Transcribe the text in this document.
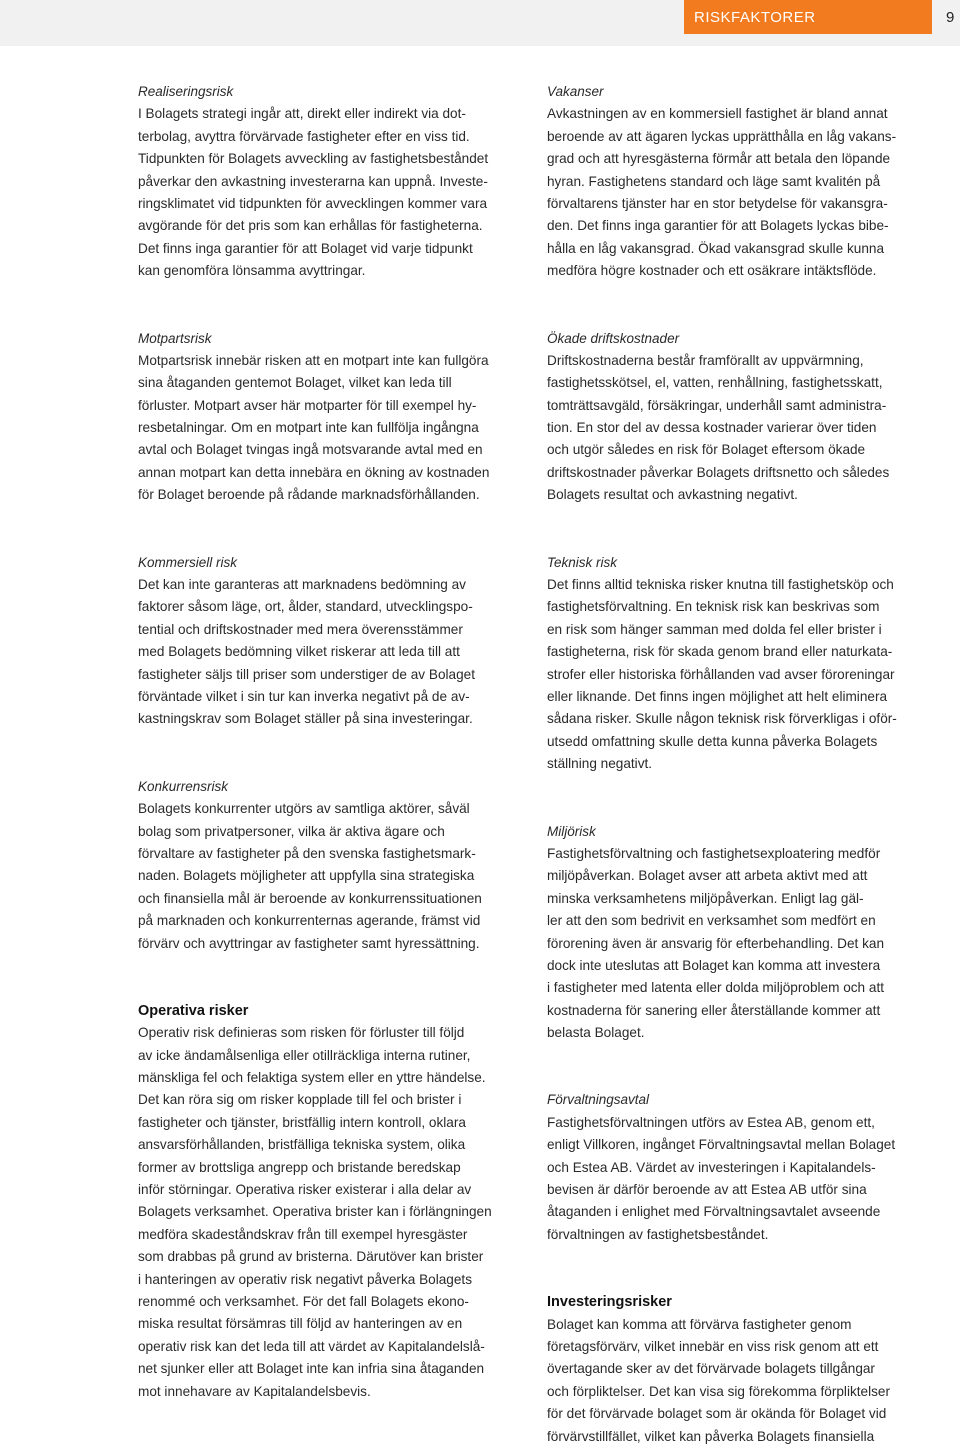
RISKFAKTORER	9
Realiseringsrisk
I Bolagets strategi ingår att, direkt eller indirekt via dot-
terbolag, avyttra förvärvade fastigheter efter en viss tid.
Tidpunkten för Bolagets avveckling av fastighetsbeståndet
påverkar den avkastning investerarna kan uppnå. Investe-
ringsklimatet vid tidpunkten för avvecklingen kommer vara
avgörande för det pris som kan erhållas för fastigheterna.
Det finns inga garantier för att Bolaget vid varje tidpunkt
kan genomföra lönsamma avyttringar.
Motpartsrisk
Motpartsrisk innebär risken att en motpart inte kan fullgöra
sina åtaganden gentemot Bolaget, vilket kan leda till
förluster. Motpart avser här motparter för till exempel hy-
resbetalningar. Om en motpart inte kan fullfölja ingångna
avtal och Bolaget tvingas ingå motsvarande avtal med en
annan motpart kan detta innebära en ökning av kostnaden
för Bolaget beroende på rådande marknadsförhållanden.
Kommersiell risk
Det kan inte garanteras att marknadens bedömning av
faktorer såsom läge, ort, ålder, standard, utvecklingspo-
tential och driftskostnader med mera överensstämmer
med Bolagets bedömning vilket riskerar att leda till att
fastigheter säljs till priser som understiger de av Bolaget
förväntade vilket i sin tur kan inverka negativt på de av-
kastningskrav som Bolaget ställer på sina investeringar.
Konkurrensrisk
Bolagets konkurrenter utgörs av samtliga aktörer, såväl
bolag som privatpersoner, vilka är aktiva ägare och
förvaltare av fastigheter på den svenska fastighetsmark-
naden. Bolagets möjligheter att uppfylla sina strategiska
och finansiella mål är beroende av konkurrenssituationen
på marknaden och konkurrenternas agerande, främst vid
förvärv och avyttringar av fastigheter samt hyressättning.
Operativa risker
Operativ risk definieras som risken för förluster till följd
av icke ändamålsenliga eller otillräckliga interna rutiner,
mänskliga fel och felaktiga system eller en yttre händelse.
Det kan röra sig om risker kopplade till fel och brister i
fastigheter och tjänster, bristfällig intern kontroll, oklara
ansvarsförhållanden, bristfälliga tekniska system, olika
former av brottsliga angrepp och bristande beredskap
inför störningar. Operativa risker existerar i alla delar av
Bolagets verksamhet. Operativa brister kan i förlängningen
medföra skadeståndskrav från till exempel hyresgäster
som drabbas på grund av bristerna. Därutöver kan brister
i hanteringen av operativ risk negativt påverka Bolagets
renommé och verksamhet. För det fall Bolagets ekono-
miska resultat försämras till följd av hanteringen av en
operativ risk kan det leda till att värdet av Kapitalandelslå-
net sjunker eller att Bolaget inte kan infria sina åtaganden
mot innehavare av Kapitalandelsbevis.
Vakanser
Avkastningen av en kommersiell fastighet är bland annat
beroende av att ägaren lyckas upprätthålla en låg vakans-
grad och att hyresgästerna förmår att betala den löpande
hyran. Fastighetens standard och läge samt kvalitén på
förvaltarens tjänster har en stor betydelse för vakansgra-
den. Det finns inga garantier för att Bolagets lyckas bibe-
hålla en låg vakansgrad. Ökad vakansgrad skulle kunna
medföra högre kostnader och ett osäkrare intäktsflöde.
Ökade driftskostnader
Driftskostnaderna består framförallt av uppvärmning,
fastighetsskötsel, el, vatten, renhållning, fastighetsskatt,
tomträttsavgäld, försäkringar, underhåll samt administra-
tion. En stor del av dessa kostnader varierar över tiden
och utgör således en risk för Bolaget eftersom ökade
driftskostnader påverkar Bolagets driftsnetto och således
Bolagets resultat och avkastning negativt.
Teknisk risk
Det finns alltid tekniska risker knutna till fastighetsköp och
fastighetsförvaltning. En teknisk risk kan beskrivas som
en risk som hänger samman med dolda fel eller brister i
fastigheterna, risk för skada genom brand eller naturkata-
strofer eller historiska förhållanden vad avser föroreningar
eller liknande. Det finns ingen möjlighet att helt eliminera
sådana risker. Skulle någon teknisk risk förverkligas i oför-
utsedd omfattning skulle detta kunna påverka Bolagets
ställning negativt.
Miljörisk
Fastighetsförvaltning och fastighetsexploatering medför
miljöpåverkan. Bolaget avser att arbeta aktivt med att
minska verksamhetens miljöpåverkan. Enligt lag gäl-
ler att den som bedrivit en verksamhet som medfört en
förorening även är ansvarig för efterbehandling. Det kan
dock inte uteslutas att Bolaget kan komma att investera
i fastigheter med latenta eller dolda miljöproblem och att
kostnaderna för sanering eller återställande kommer att
belasta Bolaget.
Förvaltningsavtal
Fastighetsförvaltningen utförs av Estea AB, genom ett,
enligt Villkoren, ingånget Förvaltningsavtal mellan Bolaget
och Estea AB. Värdet av investeringen i Kapitalandels-
bevisen är därför beroende av att Estea AB utför sina
åtaganden i enlighet med Förvaltningsavtalet avseende
förvaltningen av fastighetsbeståndet.
Investeringsrisker
Bolaget kan komma att förvärva fastigheter genom
företagsförvärv, vilket innebär en viss risk genom att ett
övertagande sker av det förvärvade bolagets tillgångar
och förpliktelser. Det kan visa sig förekomma förpliktelser
för det förvärvade bolaget som är okända för Bolaget vid
förvärvstillfället, vilket kan påverka Bolagets finansiella
